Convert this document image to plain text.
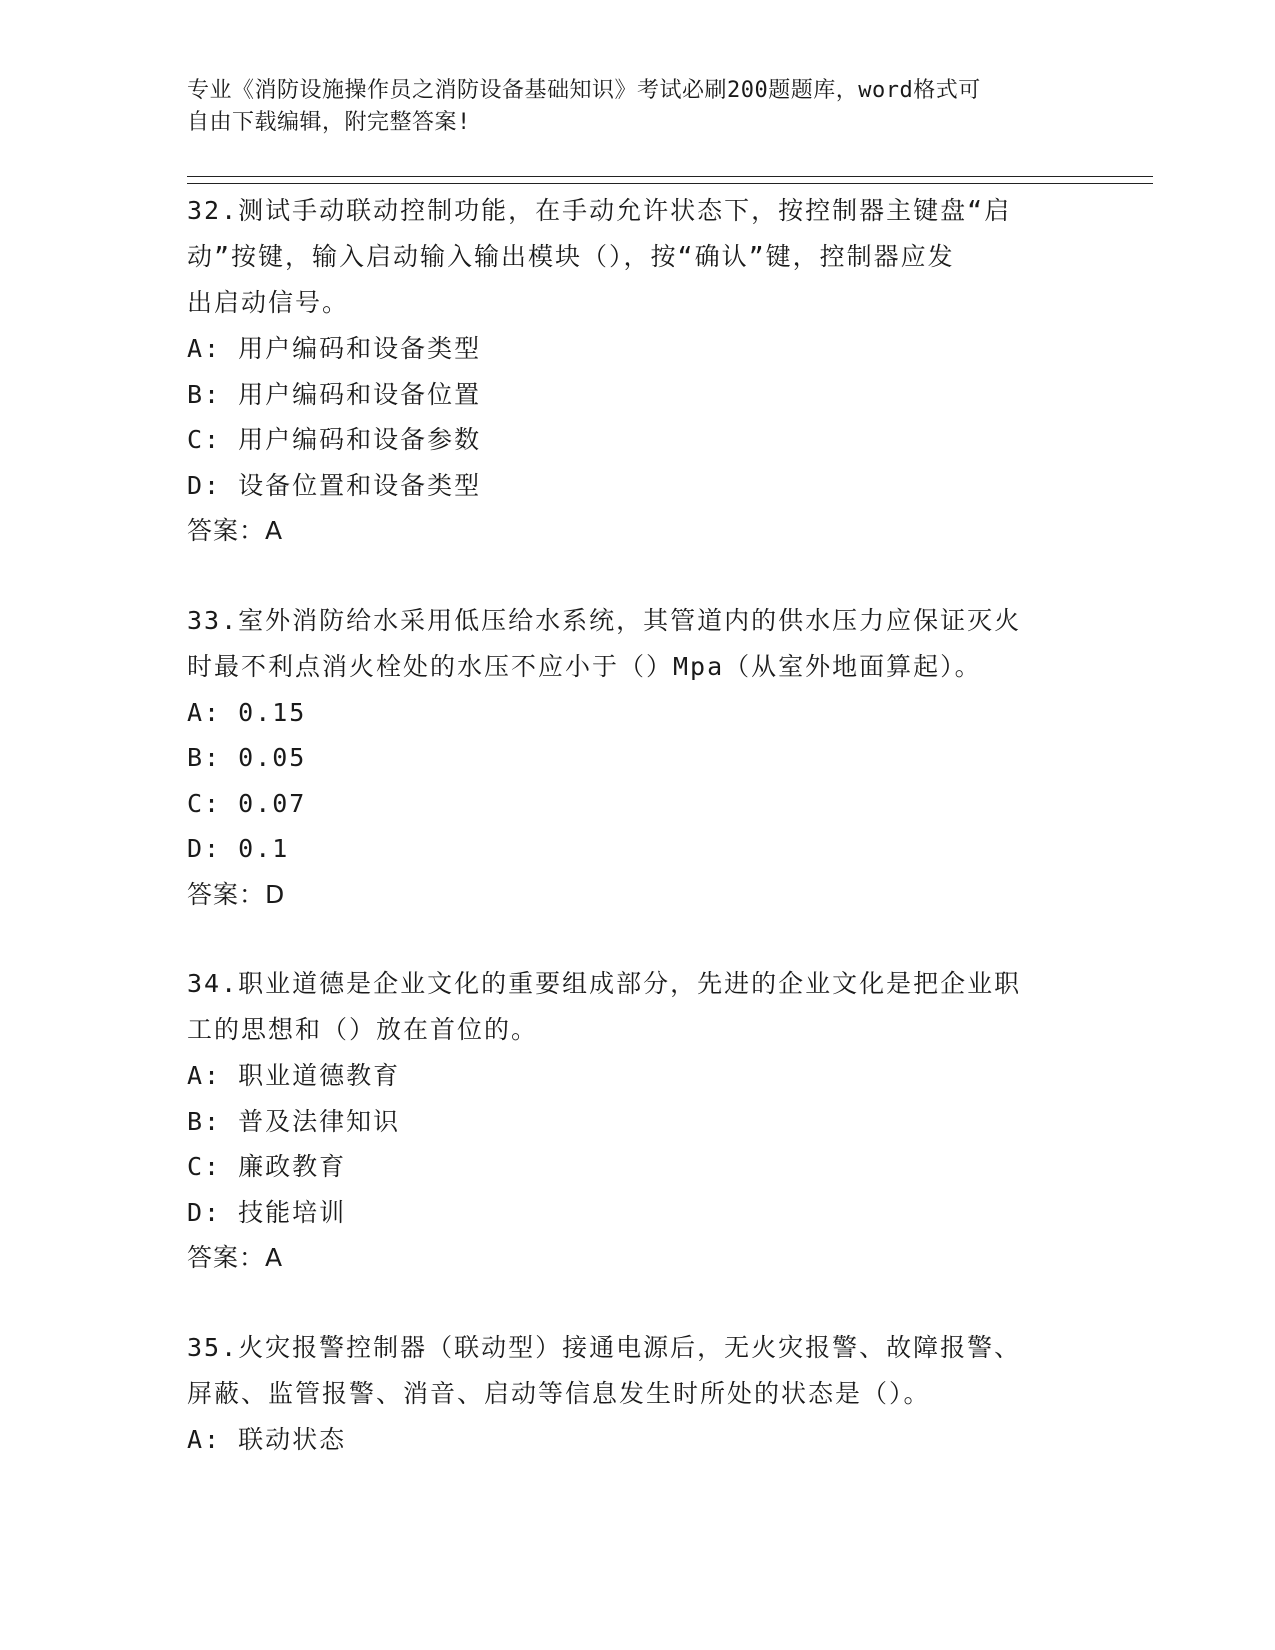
专业《消防设施操作员之消防设备基础知识》考试必刷200题题库，word格式可
自由下载编辑，附完整答案!
32.测试手动联动控制功能，在手动允许状态下，按控制器主键盘“启
动”按键，输入启动输入输出模块（），按“确认”键，控制器应发
出启动信号。
A: 用户编码和设备类型
B: 用户编码和设备位置
C: 用户编码和设备参数
D: 设备位置和设备类型
答案：A
33.室外消防给水采用低压给水系统，其管道内的供水压力应保证灭火
时最不利点消火栓处的水压不应小于（）Mpa（从室外地面算起）。
A: 0.15
B: 0.05
C: 0.07
D: 0.1
答案：D
34.职业道德是企业文化的重要组成部分，先进的企业文化是把企业职
工的思想和（）放在首位的。
A: 职业道德教育
B: 普及法律知识
C: 廉政教育
D: 技能培训
答案：A
35.火灾报警控制器（联动型）接通电源后，无火灾报警、故障报警、
屏蔽、监管报警、消音、启动等信息发生时所处的状态是（）。
A: 联动状态
